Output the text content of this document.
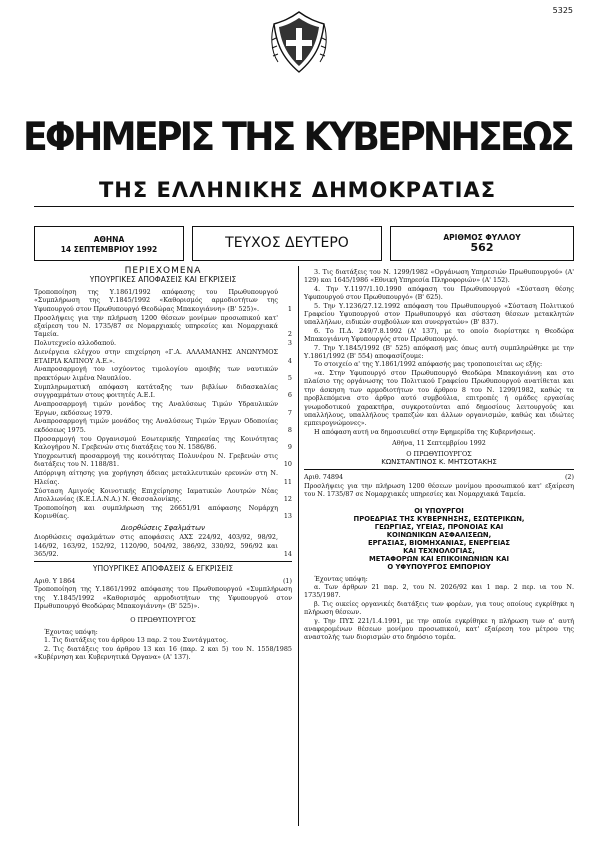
5325
ΕΦΗΜΕΡΙΣ ΤΗΣ ΚΥΒΕΡΝΗΣΕΩΣ
ΤΗΣ ΕΛΛΗΝΙΚΗΣ ΔΗΜΟΚΡΑΤΙΑΣ
ΑΘΗΝΑ
14 ΣΕΠΤΕΜΒΡΙΟΥ 1992	ΤΕΥΧΟΣ ΔΕΥΤΕΡΟ	ΑΡΙΘΜΟΣ ΦΥΛΛΟΥ
562
ΠΕΡΙΕΧΟΜΕΝΑ
ΥΠΟΥΡΓΙΚΕΣ ΑΠΟΦΑΣΕΙΣ ΚΑΙ ΕΓΚΡΙΣΕΙΣ
Τροποποίηση της Υ.1861/1992 απόφασης του Πρωθυπουργού «Συμπλήρωση της Υ.1845/1992 «Καθορισμός αρμοδιοτήτων της Υφυπουργού στον Πρωθυπουργό Θεοδώρας Μπακογιάννη» (Β' 525)».	1
Προσλήψεις για την πλήρωση 1200 θέσεων μονίμων προσωπικού κατ' εξαίρεση του Ν. 1735/87 σε Νομαρχιακές υπηρεσίες και Νομαρχιακά Ταμεία.	2
Πολυτεχνείο αλλοδαπού.	3
Διενέργεια ελέγχου στην επιχείρηση «Γ.Α. ΑΛΛΑΜΑΝΗΣ ΑΝΩΝΥΜΟΣ ΕΤΑΙΡΙΑ ΚΑΠΝΟΥ Α.Ε.».	4
Αναπροσαρμογή του ισχύοντος τιμολογίου αμοιβής των ναυτικών πρακτόρων λιμένα Ναυπλίου.	5
Συμπληρωματική απόφαση κατάταξης των βιβλίων διδασκαλίας συγγραμμάτων στους φοιτητές Α.Ε.Ι.	6
Αναπροσαρμογή τιμών μονάδος της Αναλύσεως Τιμών Υδραυλικών Έργων, εκδόσεως 1979.	7
Αναπροσαρμογή τιμών μονάδος της Αναλύσεως Τιμών Έργων Οδοποιίας εκδόσεως 1975.	8
Προσαρμογή του Οργανισμού Εσωτερικής Υπηρεσίας της Κοινότητας Καλογήρου Ν. Γρεβενών στις διατάξεις του Ν. 1586/86.	9
Υποχρεωτική προσαρμογή της κοινότητας Πολυνέρου Ν. Γρεβενών στις διατάξεις του Ν. 1188/81.	10
Απόρριψη αίτησης για χορήγηση άδειας μεταλλευτικών ερευνών στη Ν. Ηλείας.	11
Σύσταση Αμιγούς Κοινοτικής Επιχείρησης Ιαματικών Λουτρών Νέας Απολλωνίας (Κ.Ε.Ι.Α.Ν.Α.) Ν. Θεσσαλονίκης.	12
Τροποποίηση και συμπλήρωση της 26651/91 απόφασης Νομάρχη Κορινθίας.	13
Διορθώσεις Σφαλμάτων
Διορθώσεις σφαλμάτων στις αποφάσεις ΑΧΣ 224/92, 403/92, 98/92, 146/92, 163/92, 152/92, 1120/90, 504/92, 386/92, 330/92, 596/92 και 365/92.	14
ΥΠΟΥΡΓΙΚΕΣ ΑΠΟΦΑΣΕΙΣ & ΕΓΚΡΙΣΕΙΣ
Αριθ. Υ 1864	(1)

Τροποποίηση της Υ.1861/1992 απόφασης του Πρωθυπουργού «Συμπλήρωση της Υ.1845/1992 «Καθορισμός αρμοδιοτήτων της Υφυπουργού στον Πρωθυπουργό Θεοδώρας Μπακογιάννη» (Β' 525)».

Ο ΠΡΩΘΥΠΟΥΡΓΟΣ

Έχοντας υπόψη:

1. Τις διατάξεις του άρθρου 13 παρ. 2 του Συντάγματος.

2. Τις διατάξεις του άρθρου 13 και 16 (παρ. 2 και 5) του Ν. 1558/1985 «Κυβέρνηση και Κυβερνητικά Όργανα» (Α' 137).

3. Τις διατάξεις του Ν. 1299/1982 «Οργάνωση Υπηρεσιών Πρωθυπουργού» (Α' 129) και 1645/1986 «Εθνική Υπηρεσία Πληροφοριών» (Α' 152).

4. Την Υ.1197/1.10.1990 απόφαση του Πρωθυπουργού «Σύσταση θέσης Υφυπουργού στον Πρωθυπουργό» (Β' 625).

5. Την Υ.1236/27.12.1992 απόφαση του Πρωθυπουργού «Σύσταση Πολιτικού Γραφείου Υφυπουργού στον Πρωθυπουργό και σύσταση θέσεων μετακλητών υπαλλήλων, ειδικών συμβούλων και συνεργατών» (Β' 837).

6. Το Π.Δ. 249/7.8.1992 (Α' 137), με το οποίο διορίστηκε η Θεοδώρα Μπακογιάννη Υφυπουργός στον Πρωθυπουργό.

7. Την Υ.1845/1992 (Β' 525) απόφασή μας όπως αυτή συμπληρώθηκε με την Υ.1861/1992 (Β' 554) αποφασίζουμε:

Το στοιχείο α' της Υ.1861/1992 απόφασής μας τροποποιείται ως εξής:

«α. Στην Υφυπουργό στον Πρωθυπουργό Θεοδώρα Μπακογιάννη και στο πλαίσιο της οργάνωσης του Πολιτικού Γραφείου Πρωθυπουργού ανατίθεται και την άσκηση των αρμοδιοτήτων του άρθρου 8 του Ν. 1299/1982, καθώς τα προβλεπόμενα στο άρθρο αυτό συμβούλια, επιτροπές ή ομάδες εργασίας γνωμοδοτικού χαρακτήρα, συγκροτούνται από δημοσίους λειτουργούς και υπαλλήλους, υπαλλήλους τραπεζών και άλλων οργανισμών, καθώς και ιδιώτες εμπειρογνώμονες».

Η απόφαση αυτή να δημοσιευθεί στην Εφημερίδα της Κυβερνήσεως.

Αθήνα, 11 Σεπτεμβρίου 1992
Ο ΠΡΩΘΥΠΟΥΡΓΟΣ
ΚΩΝΣΤΑΝΤΙΝΟΣ Κ. ΜΗΤΣΟΤΑΚΗΣ
Αριθ. 74894	(2)

Προσλήψεις για την πλήρωση 1200 θέσεων μονίμου προσωπικού κατ' εξαίρεση του Ν. 1735/87 σε Νομαρχιακές υπηρεσίες και Νομαρχιακά Ταμεία.

ΟΙ ΥΠΟΥΡΓΟΙ
ΠΡΟΕΔΡΙΑΣ ΤΗΣ ΚΥΒΕΡΝΗΣΗΣ, ΕΣΩΤΕΡΙΚΩΝ,
ΓΕΩΡΓΙΑΣ, ΥΓΕΙΑΣ, ΠΡΟΝΟΙΑΣ ΚΑΙ
ΚΟΙΝΩΝΙΚΩΝ ΑΣΦΑΛΙΣΕΩΝ,
ΕΡΓΑΣΙΑΣ, ΒΙΟΜΗΧΑΝΙΑΣ, ΕΝΕΡΓΕΙΑΣ
ΚΑΙ ΤΕΧΝΟΛΟΓΙΑΣ,
ΜΕΤΑΦΟΡΩΝ ΚΑΙ ΕΠΙΚΟΙΝΩΝΙΩΝ ΚΑΙ
Ο ΥΦΥΠΟΥΡΓΟΣ ΕΜΠΟΡΙΟΥ

Έχοντας υπόψη:

α. Των άρθρων 21 παρ. 2, του Ν. 2026/92 και 1 παρ. 2 περ. ια του Ν. 1735/1987.

β. Τις οικείες οργανικές διατάξεις των φορέων, για τους οποίους εγκρίθηκε η πλήρωση θέσεων.

γ. Την ΠΥΣ 221/1.4.1991, με την οποία εγκρίθηκε η πλήρωση των α' αυτή αναφερομένων θέσεων μονίμου προσωπικού, κατ' εξαίρεση του μέτρου της αναστολής των διορισμών στο δημόσιο τομέα.
